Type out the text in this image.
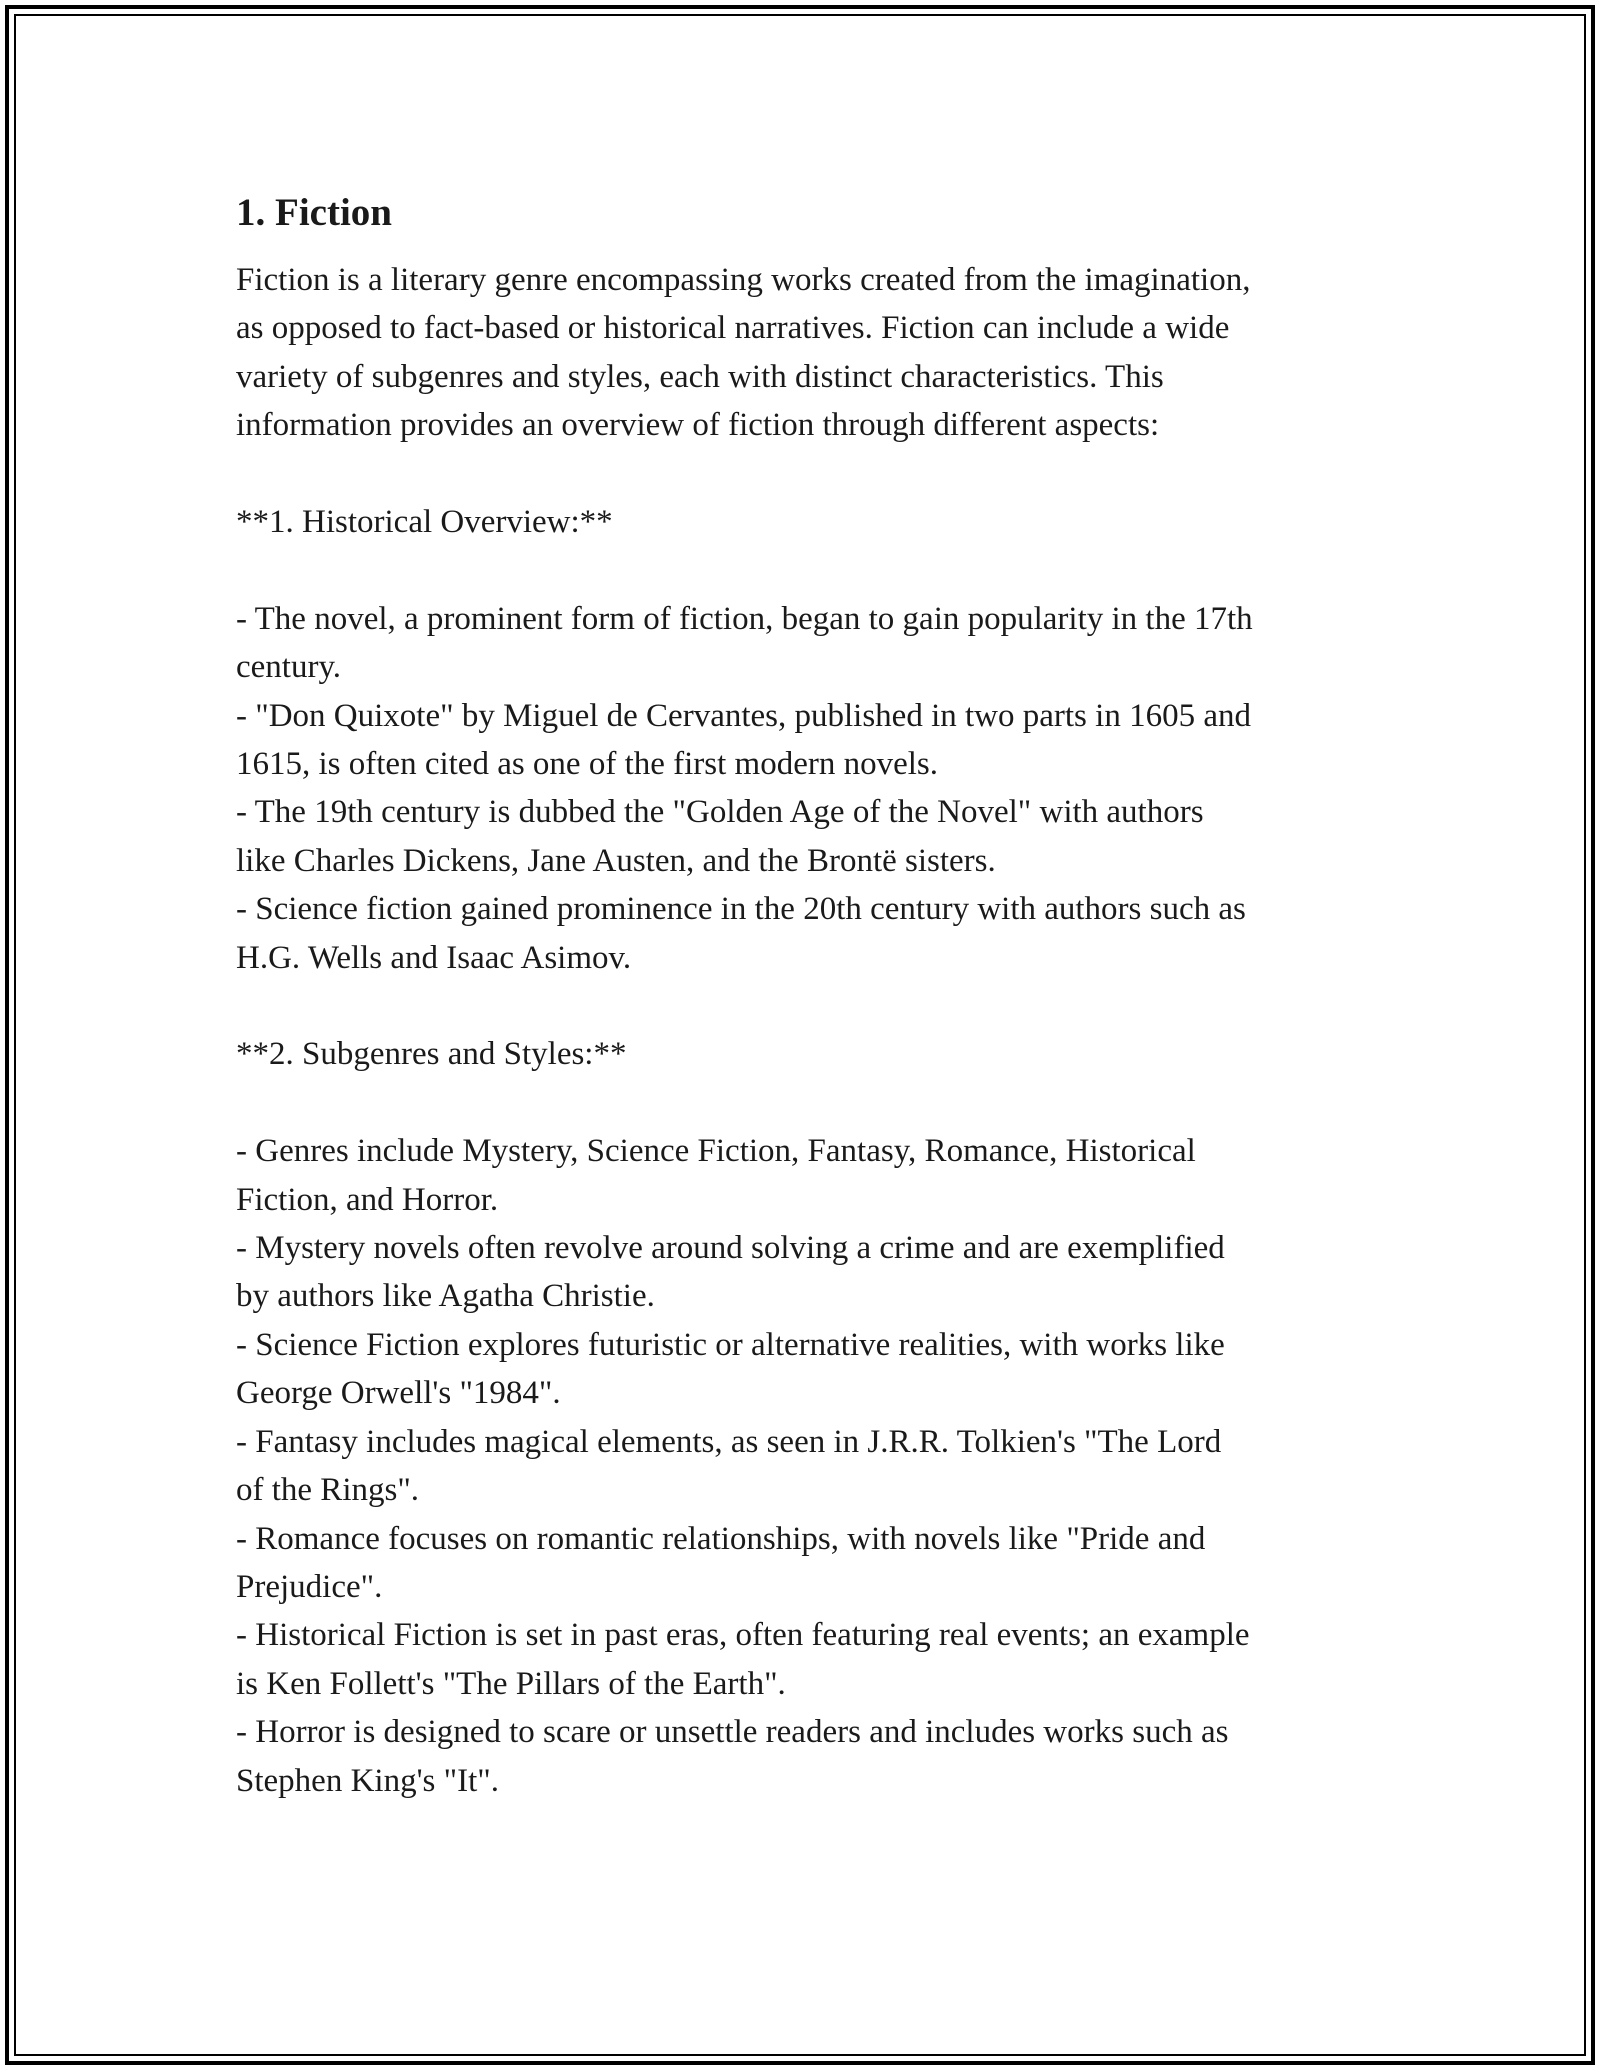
1. Fiction
Fiction is a literary genre encompassing works created from the imagination,
as opposed to fact-based or historical narratives. Fiction can include a wide
variety of subgenres and styles, each with distinct characteristics. This
information provides an overview of fiction through different aspects:
**1. Historical Overview:**
- The novel, a prominent form of fiction, began to gain popularity in the 17th
century.
- "Don Quixote" by Miguel de Cervantes, published in two parts in 1605 and
1615, is often cited as one of the first modern novels.
- The 19th century is dubbed the "Golden Age of the Novel" with authors
like Charles Dickens, Jane Austen, and the Brontë sisters.
- Science fiction gained prominence in the 20th century with authors such as
H.G. Wells and Isaac Asimov.
**2. Subgenres and Styles:**
- Genres include Mystery, Science Fiction, Fantasy, Romance, Historical
Fiction, and Horror.
- Mystery novels often revolve around solving a crime and are exemplified
by authors like Agatha Christie.
- Science Fiction explores futuristic or alternative realities, with works like
George Orwell's "1984".
- Fantasy includes magical elements, as seen in J.R.R. Tolkien's "The Lord
of the Rings".
- Romance focuses on romantic relationships, with novels like "Pride and
Prejudice".
- Historical Fiction is set in past eras, often featuring real events; an example
is Ken Follett's "The Pillars of the Earth".
- Horror is designed to scare or unsettle readers and includes works such as
Stephen King's "It".
